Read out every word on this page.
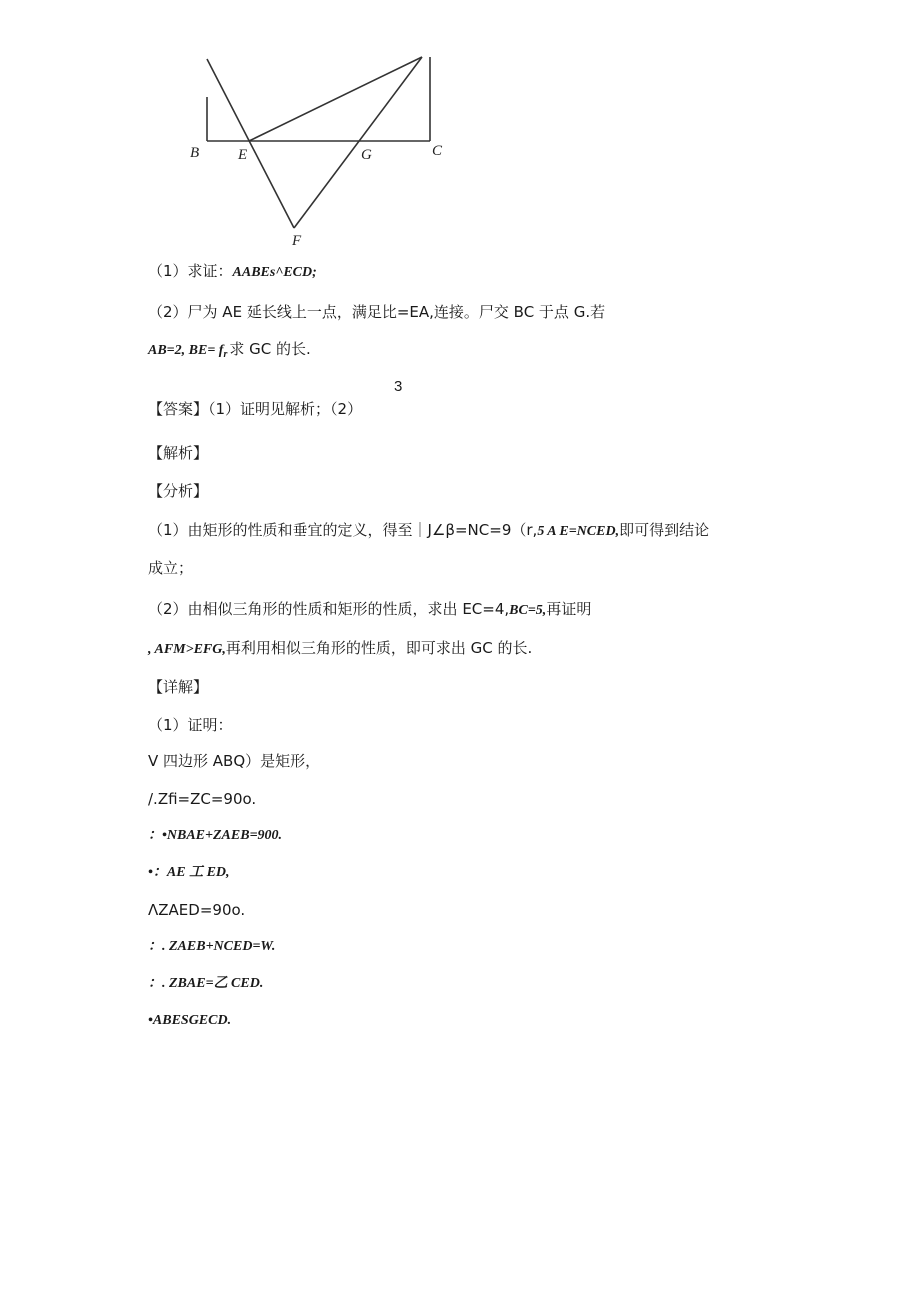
B	E	G	C
F

（1）求证：AABEs^ECD;

（2）尸为 AE 延长线上一点，满足比=EA,连接。尸交 BC 于点 G.若

AB=2, $BE= f_r$ 求 GC 的长.

3

【答案】（1）证明见解析；（2）

【解析】

【分析】

（1）由矩形的性质和垂宜的定义，得至｜J∠β=NC=9（r,5 A E=NCED,即可得到结论

成立；

（2）由相似三角形的性质和矩形的性质，求出 EC=4,BC=5,再证明

, AFM>EFG,再利用相似三角形的性质，即可求出 GC 的长.

【详解】

（1）证明：

V 四边形 ABQ）是矩形，

/.Zfi=ZC=90o.

：•NBAE+ZAEB=900.

•：AE 工 ED,

ΛZAED=90o.

：. ZAEB+NCED=W.

：. ZBAE=乙 CED.

•ABESGECD.
